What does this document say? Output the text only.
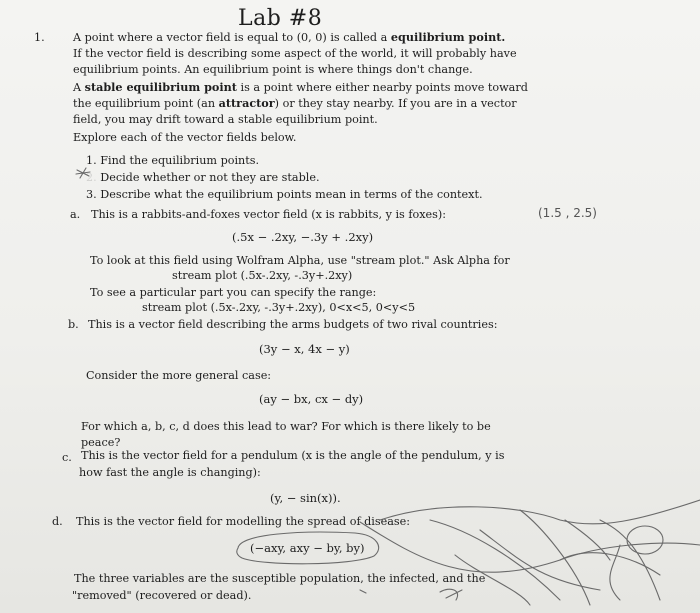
Lab #8
1.	A point where a vector field is equal to (0, 0) is called a equilibrium point.
If the vector field is describing some aspect of the world, it will probably have
equilibrium points. An equilibrium point is where things don't change.
A stable equilibrium point is a point where either nearby points move toward
the equilibrium point (an attractor) or they stay nearby. If you are in a vector
field, you may drift toward a stable equilibrium point.
Explore each of the vector fields below.
1. Find the equilibrium points.
2. Decide whether or not they are stable.
3. Describe what the equilibrium points mean in terms of the context.
a. This is a rabbits-and-foxes vector field (x is rabbits, y is foxes):	(1.5 , 2.5)
(.5x − .2xy, −.3y + .2xy)
To look at this field using Wolfram Alpha, use "stream plot." Ask Alpha for
stream plot (.5x-.2xy, -.3y+.2xy)
To see a particular part you can specify the range:
stream plot (.5x-.2xy, -.3y+.2xy), 0<x<5, 0<y<5
b. This is a vector field describing the arms budgets of two rival countries:
(3y − x, 4x − y)
Consider the more general case:
(ay − bx, cx − dy)
For which a, b, c, d does this lead to war? For which is there likely to be
peace?
c. This is the vector field for a pendulum (x is the angle of the pendulum, y is
how fast the angle is changing):
(y, − sin(x)).
d. This is the vector field for modelling the spread of disease:
(−axy, axy − by, by)
The three variables are the susceptible population, the infected, and the
"removed" (recovered or dead).
